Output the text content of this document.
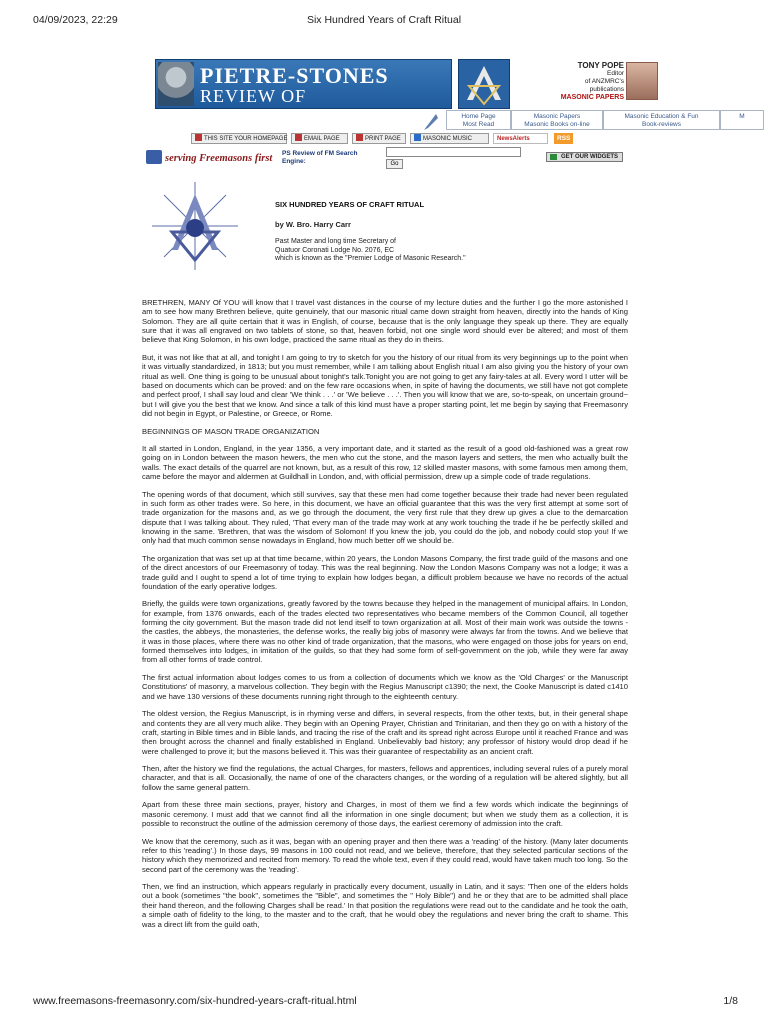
04/09/2023, 22:29	Six Hundred Years of Craft Ritual
PIETRE-STONES
REVIEW OF FREEMASONRY
TONY POPE
Editor
of ANZMRC's
publications
MASONIC PAPERS
Home Page
Most Read
Masonic Papers
Masonic Books on-line
Masonic Education & Fun
Book-reviews
M
THIS SITE YOUR HOMEPAGE	EMAIL PAGE	PRINT PAGE	MASONIC MUSIC	NewsAlerts	RSS
serving Freemasons first PS Review of FM Search Engine:	Go
GET OUR WIDGETS
SIX HUNDRED YEARS OF CRAFT RITUAL
by W. Bro. Harry Carr
Past Master and long time Secretary of
Quatuor Coronati Lodge No. 2076, EC
which is known as the "Premier Lodge of Masonic Research."

BRETHREN, MANY Of YOU will know that I travel vast distances in the course of my lecture duties and the further I go the more astonished I am to see how many Brethren believe, quite genuinely, that our masonic ritual came down straight from heaven, directly into the hands of King Solomon. They are all quite certain that it was in English, of course, because that is the only language they speak up there. They are equally sure that it was all engraved on two tablets of stone, so that, heaven forbid, not one single word should ever be altered; and most of them believe that King Solomon, in his own lodge, practiced the same ritual as they do in theirs.

But, it was not like that at all, and tonight I am going to try to sketch for you the history of our ritual from its very beginnings up to the point when it was virtually standardized, in 1813; but you must remember, while I am talking about English ritual I am also giving you the history of your own ritual as well. One thing is going to be unusual about tonight's talk.Tonight you are not going to get any fairy-tales at all. Every word I utter will be based on documents which can be proved: and on the few rare occasions when, in spite of having the documents, we still have not got complete and perfect proof, I shall say loud and clear 'We think . . .' or 'We believe . . .'. Then you will know that we are, so-to-speak, on uncertain ground~ but I will give you the best that we know. And since a talk of this kind must have a proper starting point, let me begin by saying that Freemasonry did not begin in Egypt, or Palestine, or Greece, or Rome.

BEGINNINGS OF MASON TRADE ORGANIZATION

It all started in London, England, in the year 1356, a very important date, and it started as the result of a good old-fashioned was a great row going on in London between the mason hewers, the men who cut the stone, and the mason layers and setters, the men who actually built the walls. The exact details of the quarrel are not known, but, as a result of this row, 12 skilled master masons, with some famous men among them, came before the mayor and aldermen at Guildhall in London, and, with official permission, drew up a simple code of trade regulations.

The opening words of that document, which still survives, say that these men had come together because their trade had never been regulated in such form as other trades were. So here, in this document, we have an official guarantee that this was the very first attempt at some sort of trade organization for the masons and, as we go through the document, the very first rule that they drew up gives a clue to the demarcation dispute that I was talking about. They ruled, 'That every man of the trade may work at any work touching the trade if he be perfectly skilled and knowing in the same. 'Brethren, that was the wisdom of Solomon! If you knew the job, you could do the job, and nobody could stop you! If we only had that much common sense nowadays in England, how much better off we should be.

The organization that was set up at that time became, within 20 years, the London Masons Company, the first trade guild of the masons and one of the direct ancestors of our Freemasonry of today. This was the real beginning. Now the London Masons Company was not a lodge; it was a trade guild and I ought to spend a lot of time trying to explain how lodges began, a difficult problem because we have no records of the actual foundation of the early operative lodges.

Briefly, the guilds were town organizations, greatly favored by the towns because they helped in the management of municipal affairs. In London, for example, from 1376 onwards, each of the trades elected two representatives who became members of the Common Council, all together forming the city government. But the mason trade did not lend itself to town organization at all. Most of their main work was outside the towns - the castles, the abbeys, the monasteries, the defense works, the really big jobs of masonry were always far from the towns. And we believe that it was in those places, where there was no other kind of trade organization, that the masons, who were engaged on those jobs for years on end, formed themselves into lodges, in imitation of the guilds, so that they had some form of self-government on the job, while they were far away from all other forms of trade control.

The first actual information about lodges comes to us from a collection of documents which we know as the 'Old Charges' or the Manuscript Constitutions' of masonry, a marvelous collection. They begin with the Regius Manuscript c1390; the next, the Cooke Manuscript is dated c1410 and we have 130 versions of these documents running right through to the eighteenth century.

The oldest version, the Regius Manuscript, is in rhyming verse and differs, in several respects, from the other texts, but, in their general shape and contents they are all very much alike. They begin with an Opening Prayer, Christian and Trinitarian, and then they go on with a history of the craft, starting in Bible times and in Bible lands, and tracing the rise of the craft and its spread right across Europe until it reached France and was then brought across the channel and finally established in England. Unbelievably bad history; any professor of history would drop dead if he were challenged to prove it; but the masons believed it. This was their guarantee of respectability as an ancient craft.

Then, after the history we find the regulations, the actual Charges, for masters, fellows and apprentices, including several rules of a purely moral character, and that is all. Occasionally, the name of one of the characters changes, or the wording of a regulation will be altered slightly, but all follow the same general pattern.

Apart from these three main sections, prayer, history and Charges, in most of them we find a few words which indicate the beginnings of masonic ceremony. I must add that we cannot find all the information in one single document; but when we study them as a collection, it is possible to reconstruct the outline of the admission ceremony of those days, the earliest ceremony of admission into the craft.

We know that the ceremony, such as it was, began with an opening prayer and then there was a 'reading' of the history. (Many later documents refer to this 'reading'.) In those days, 99 masons in 100 could not read, and we believe, therefore, that they selected particular sections of the history which they memorized and recited from memory. To read the whole text, even if they could read, would have taken much too long. So the second part of the ceremony was the 'reading'.

Then, we find an instruction, which appears regularly in practically every document, usually in Latin, and it says: 'Then one of the elders holds out a book (sometimes "the book", sometimes the "Bible", and sometimes the " Holy Bible") and he or they that are to be admitted shall place their hand thereon, and the following Charges shall be read.' In that position the regulations were read out to the candidate and he took the oath, a simple oath of fidelity to the king, to the master and to the craft, that he would obey the regulations and never bring the craft to shame. This was a direct lift from the guild oath,

www.freemasons-freemasonry.com/six-hundred-years-craft-ritual.html	1/8
